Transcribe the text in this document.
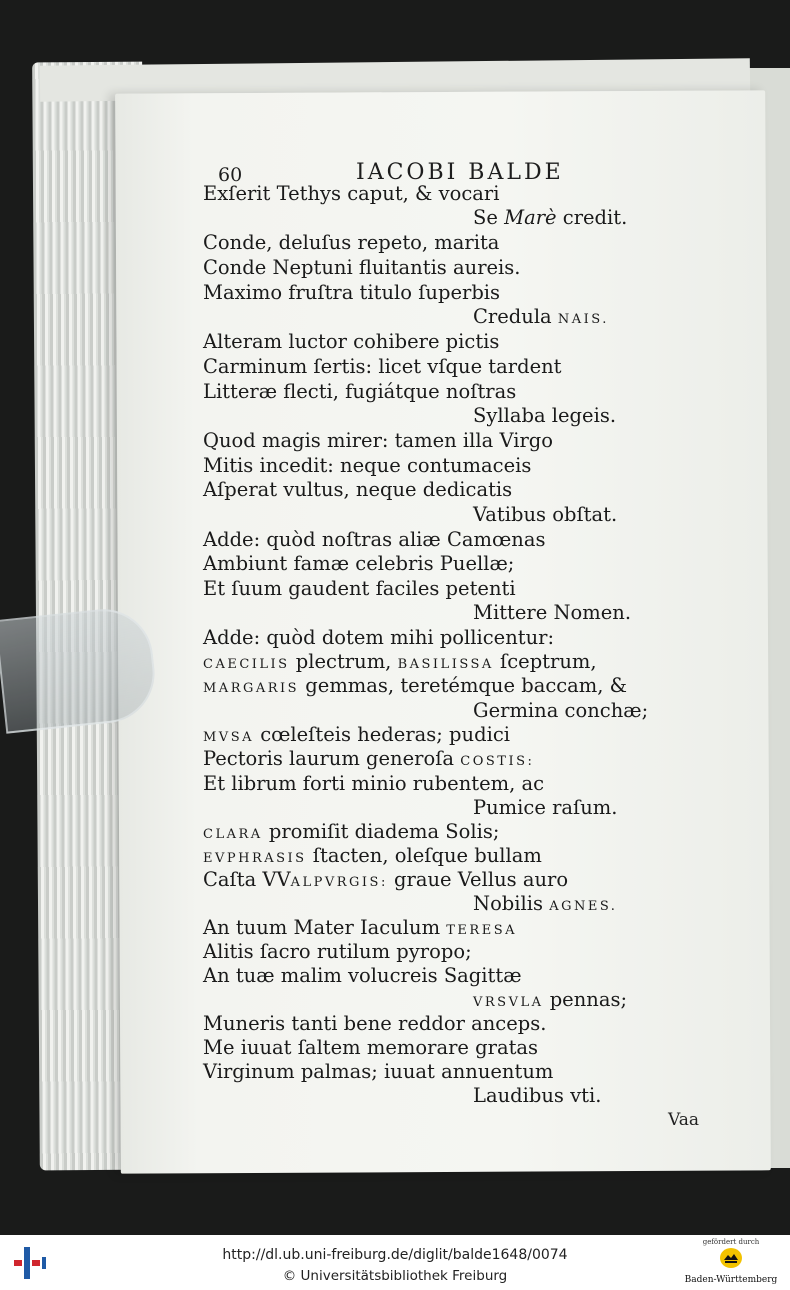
60	IACOBI BALDE
Exſerit Tethys caput, & vocari
Se Marè credit.
Conde, deluſus repeto, marita
Conde Neptuni fluitantis aureis.
Maximo fruſtra titulo ſuperbis
Credula NAIS.
Alteram luctor cohibere pictis
Carminum ſertis: licet vſque tardent
Litteræ flecti, fugiátque noſtras
Syllaba legeis.
Quod magis mirer: tamen illa Virgo
Mitis incedit: neque contumaceis
Aſperat vultus, neque dedicatis
Vatibus obſtat.
Adde: quòd noſtras aliæ Camœnas
Ambiunt famæ celebris Puellæ;
Et ſuum gaudent faciles petenti
Mittere Nomen.
Adde: quòd dotem mihi pollicentur:
CAECILIS plectrum, BASILISSA ſceptrum,
MARGARIS gemmas, teretémque baccam, &
Germina conchæ;
MVSA cœleſteis hederas; pudici
Pectoris laurum generoſa COSTIS:
Et librum forti minio rubentem, ac
Pumice raſum.
CLARA promiſit diadema Solis;
EVPHRASIS ſtacten, oleſque bullam
Caſta VVALPVRGIS: graue Vellus auro
Nobilis AGNES.
An tuum Mater Iaculum TERESA
Alitis ſacro rutilum pyropo;
An tuæ malim volucreis Sagittæ
VRSVLA pennas;
Muneris tanti bene reddor anceps.
Me iuuat ſaltem memorare gratas
Virginum palmas; iuuat annuentum
Laudibus vti.
Vaa
http://dl.ub.uni-freiburg.de/diglit/balde1648/0074
© Universitätsbibliothek Freiburg
gefördert durch
Baden-Württemberg
